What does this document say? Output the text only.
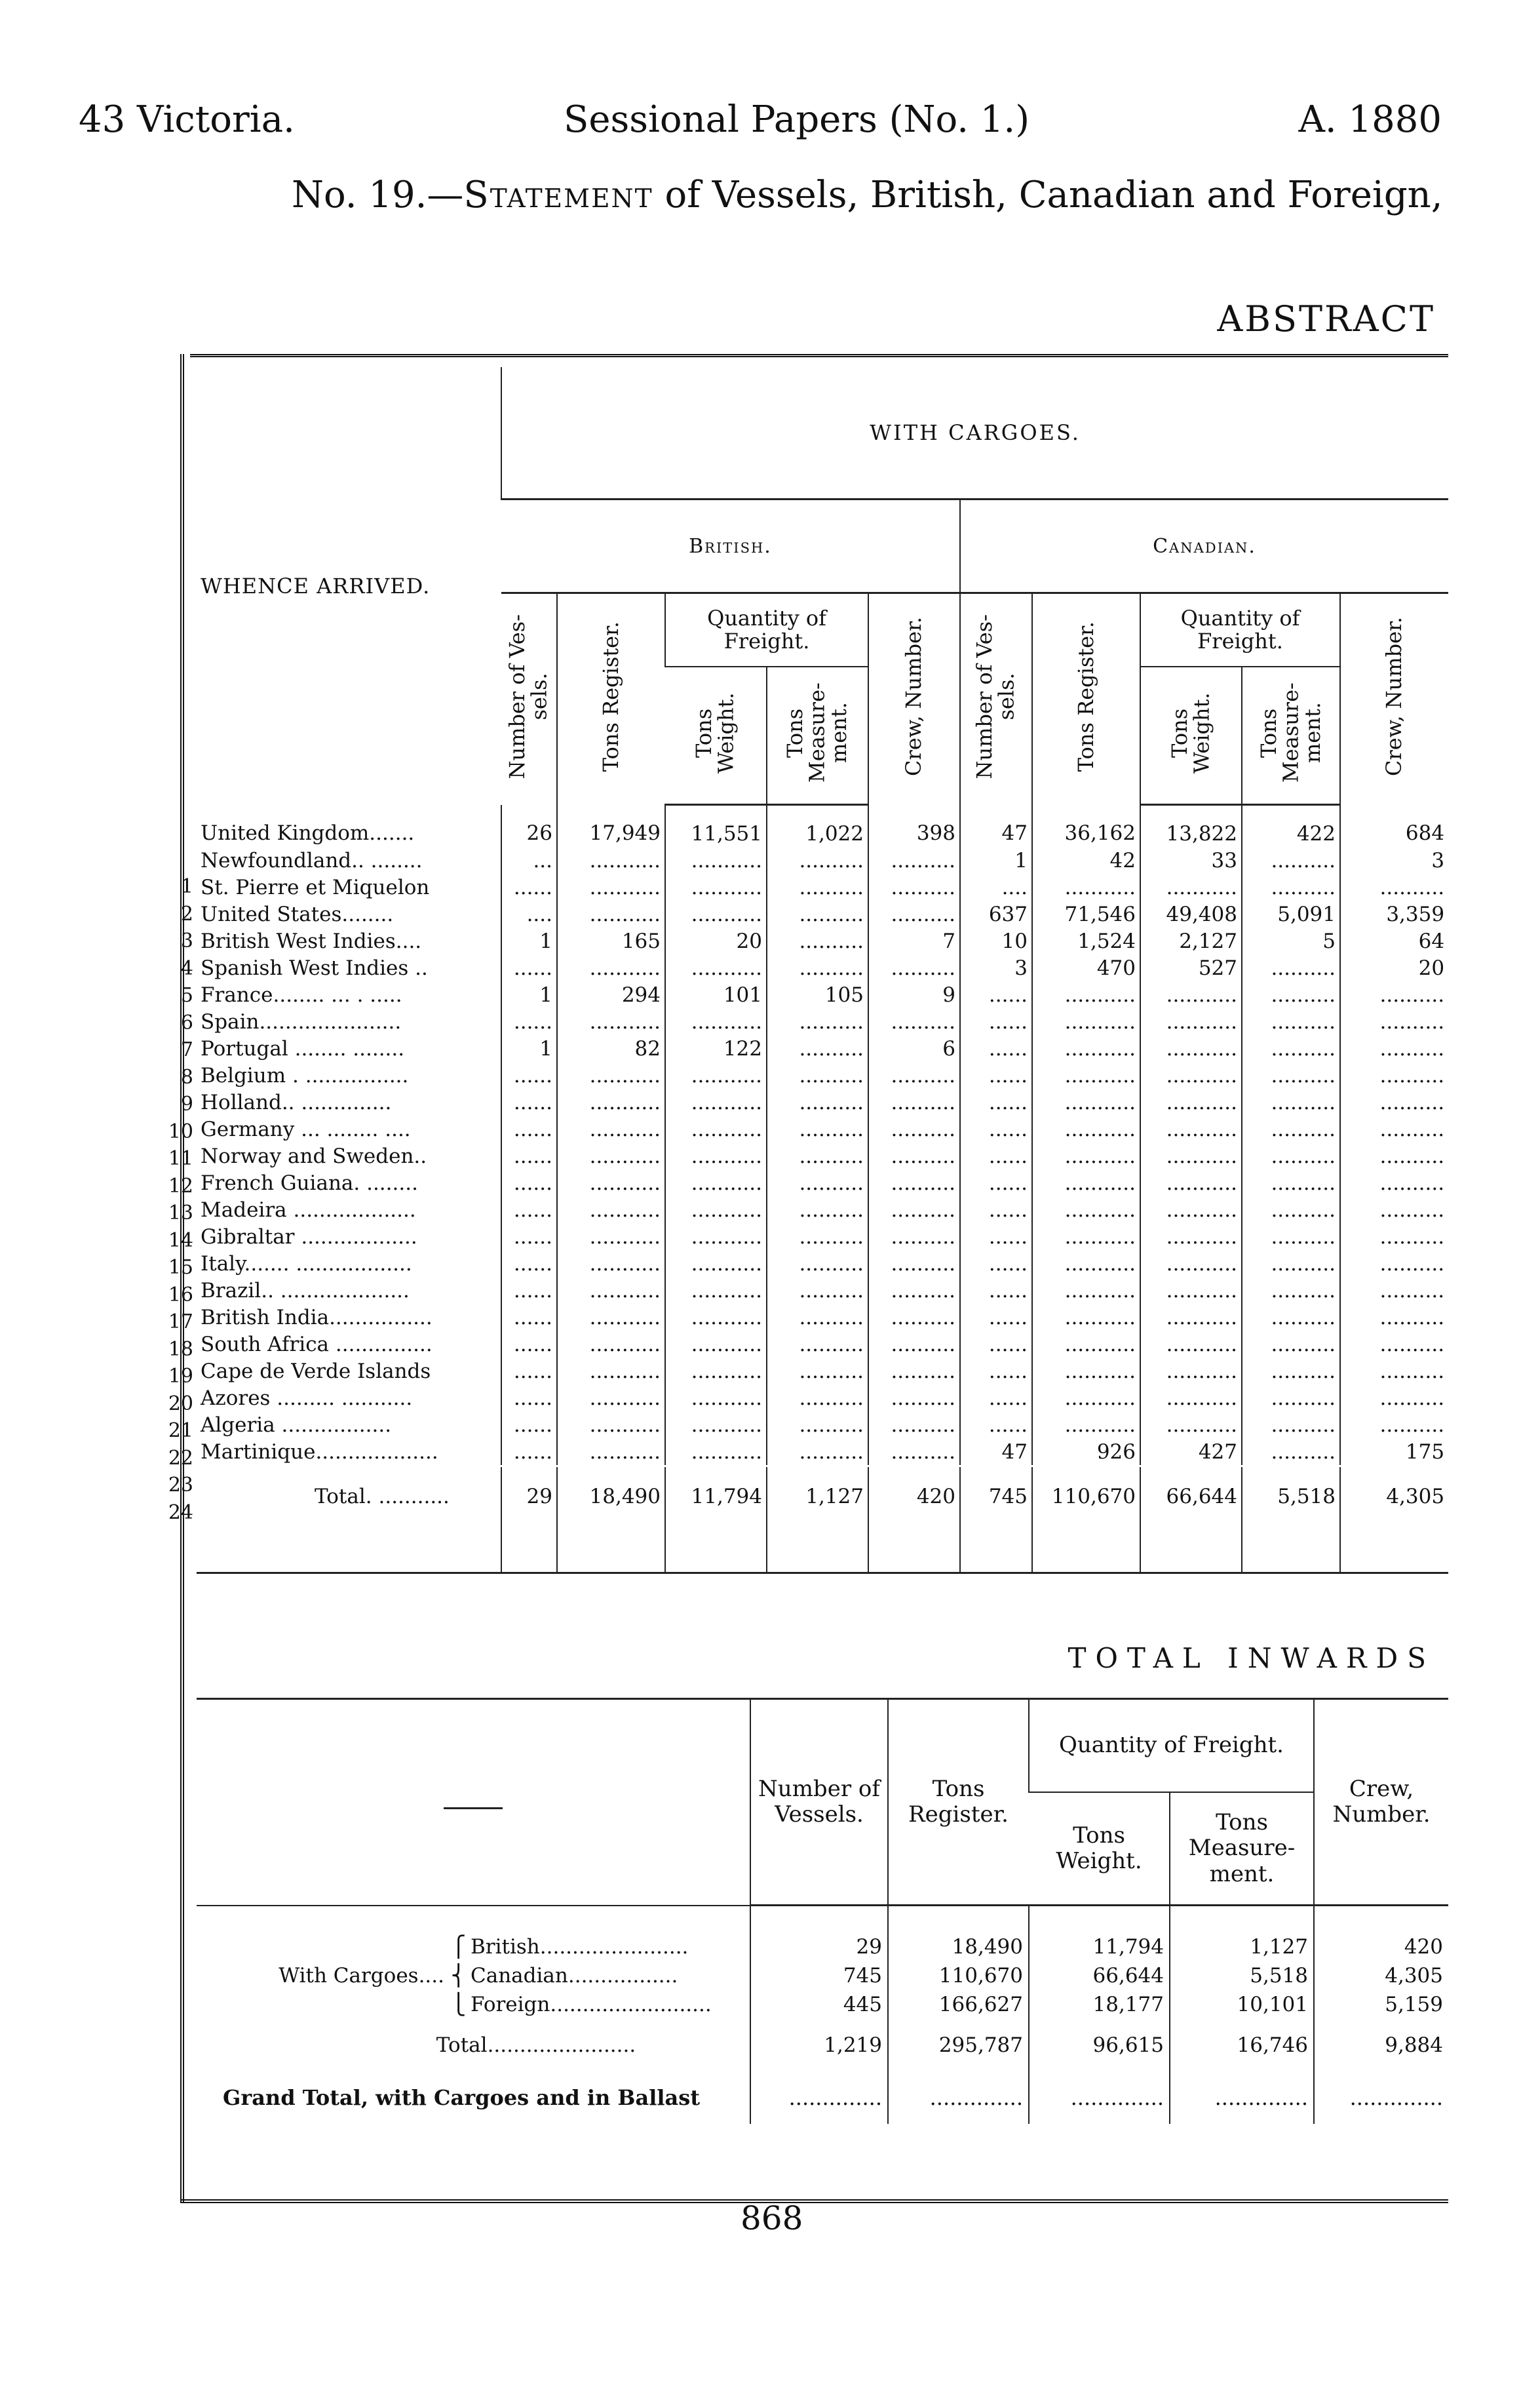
43 Victoria.	Sessional Papers (No. 1.)	A. 1880
No. 19.—Statement of Vessels, British, Canadian and Foreign,
ABSTRACT
1
2
3
4
5
6
7
8
9
10
11
12
13
14
15
16
17
18
19
20
21
22
23
24
WHENCE ARRIVED.	WITH CARGOES.									
	British.					Canadian.				
	Number of Ves- sels.	Tons Register.	Quantity of Freight.		Crew, Number.	Number of Ves- sels.	Tons Register.	Quantity of Freight.		Crew, Number.
			Tons Weight.	Tons Measure- ment.				Tons Weight.	Tons Measure- ment.	
United Kingdom.......	26	17,949	11,551	1,022	398	47	36,162	13,822	422	684
Newfoundland.. ........	...	...........	...........	..........	..........	1	42	33	..........	3
St. Pierre et Miquelon	......	...........	...........	..........	..........	....	...........	...........	..........	..........
United States........	....	...........	...........	..........	..........	637	71,546	49,408	5,091	3,359
British West Indies....	1	165	20	..........	7	10	1,524	2,127	5	64
Spanish West Indies ..	......	...........	...........	..........	..........	3	470	527	..........	20
France........ ... . .....	1	294	101	105	9	......	...........	...........	..........	..........
Spain......................	......	...........	...........	..........	..........	......	...........	...........	..........	..........
Portugal ........ ........	1	82	122	..........	6	......	...........	...........	..........	..........
Belgium . ................	......	...........	...........	..........	..........	......	...........	...........	..........	..........
Holland.. ..............	......	...........	...........	..........	..........	......	...........	...........	..........	..........
Germany ... ........ ....	......	...........	...........	..........	..........	......	...........	...........	..........	..........
Norway and Sweden..	......	...........	...........	..........	..........	......	...........	...........	..........	..........
French Guiana. ........	......	...........	...........	..........	..........	......	...........	...........	..........	..........
Madeira ...................	......	...........	...........	..........	..........	......	...........	...........	..........	..........
Gibraltar ..................	......	...........	...........	..........	..........	......	...........	...........	..........	..........
Italy....... ..................	......	...........	...........	..........	..........	......	...........	...........	..........	..........
Brazil.. ....................	......	...........	...........	..........	..........	......	...........	...........	..........	..........
British India................	......	...........	...........	..........	..........	......	...........	...........	..........	..........
South Africa ...............	......	...........	...........	..........	..........	......	...........	...........	..........	..........
Cape de Verde Islands	......	...........	...........	..........	..........	......	...........	...........	..........	..........
Azores ......... ...........	......	...........	...........	..........	..........	......	...........	...........	..........	..........
Algeria .................	......	...........	...........	..........	..........	......	...........	...........	..........	..........
Martinique...................	......	...........	...........	..........	..........	47	926	427	..........	175
Total. ...........	29	18,490	11,794	1,127	420	745	110,670	66,644	5,518	4,305

TOTAL INWARDS
	Number of Vessels.	Tons Register.	Quantity of Freight.		Crew, Number.
			Tons Weight.	Tons Measure- ment.	
⎧ British.......................	29	18,490	11,794	1,127	420
With Cargoes.... ⎨ Canadian.................	745	110,670	66,644	5,518	4,305
⎩ Foreign.........................	445	166,627	18,177	10,101	5,159
Total.......................	1,219	295,787	96,615	16,746	9,884
Grand Total, with Cargoes and in Ballast	..............	..............	..............	..............	..............
868
